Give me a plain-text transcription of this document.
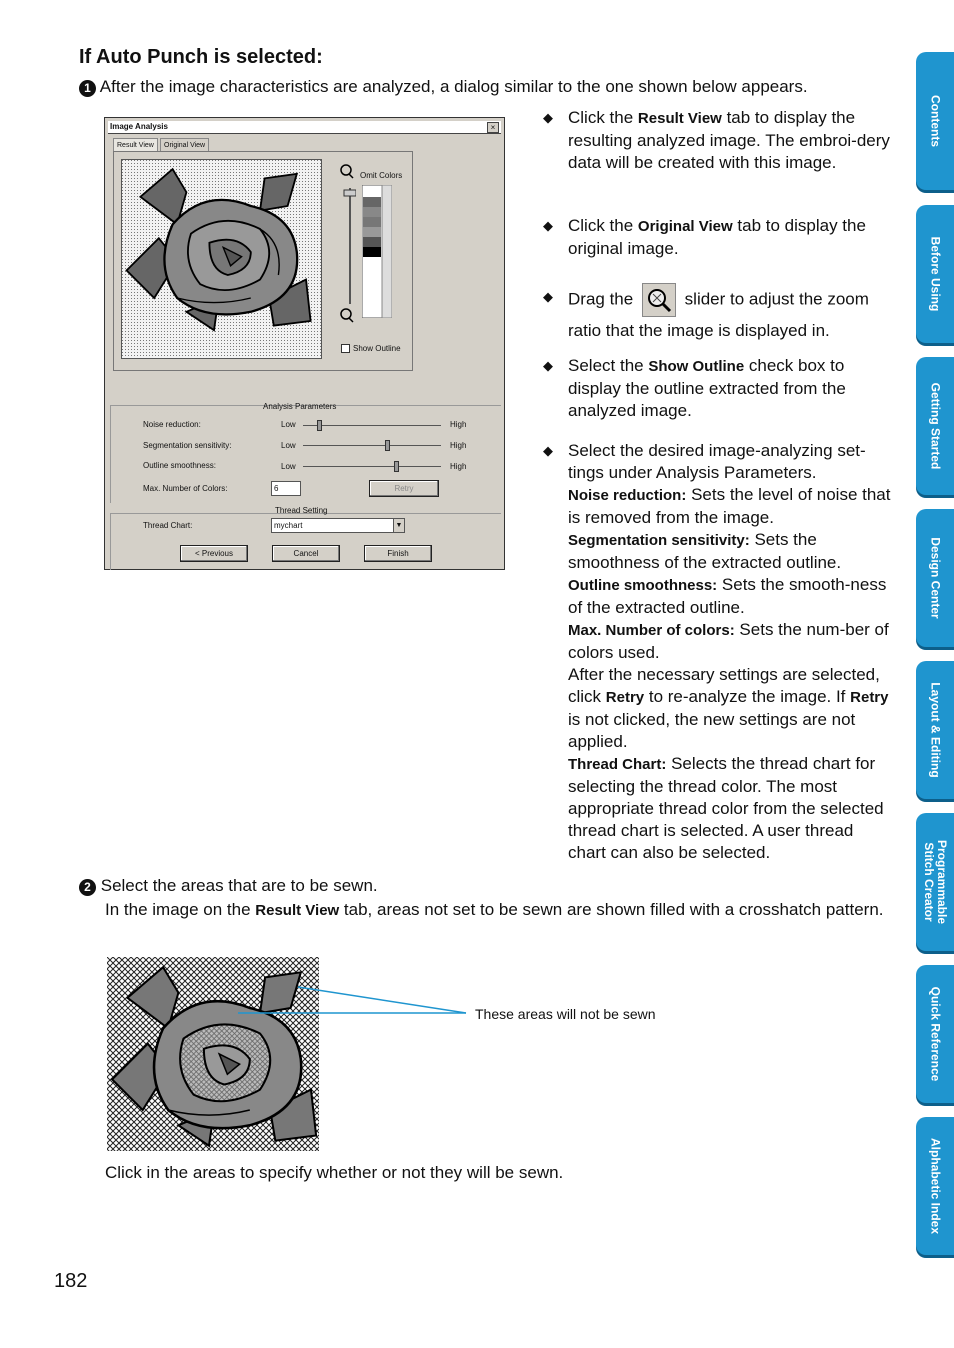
If Auto Punch is selected:
1 After the image characteristics are analyzed, a dialog similar to the one shown below appears.
Image Analysis	×
Result View	Original View
Omit Colors
Show Outline
Analysis Parameters
Noise reduction:	Low	High
Segmentation sensitivity:	Low	High
Outline smoothness:	Low	High
Max. Number of Colors:	6	Retry
Thread Setting
Thread Chart:	mychart	▼
< Previous	Cancel	Finish
◆ Click the Result View tab to display the resulting analyzed image. The embroi-dery data will be created with this image.
◆ Click the Original View tab to display the original image.
◆ Drag the  slider to adjust the zoom ratio that the image is displayed in.
◆ Select the Show Outline check box to display the outline extracted from the analyzed image.
◆ Select the desired image-analyzing set-tings under Analysis Parameters.
Noise reduction: Sets the level of noise that is removed from the image.
Segmentation sensitivity: Sets the smoothness of the extracted outline.
Outline smoothness: Sets the smooth-ness of the extracted outline.
Max. Number of colors: Sets the num-ber of colors used.
After the necessary settings are selected, click Retry to re-analyze the image. If Retry is not clicked, the new settings are not applied.
Thread Chart: Selects the thread chart for selecting the thread color. The most appropriate thread color from the selected thread chart is selected. A user thread chart can also be selected.
2 Select the areas that are to be sewn.
In the image on the Result View tab, areas not set to be sewn are shown filled with a crosshatch pattern.
These areas will not be sewn
Click in the areas to specify whether or not they will be sewn.
182
Contents
Before Using
Getting Started
Design Center
Layout & Editing
Programmable Stitch Creator
Quick Reference
Alphabetic Index
